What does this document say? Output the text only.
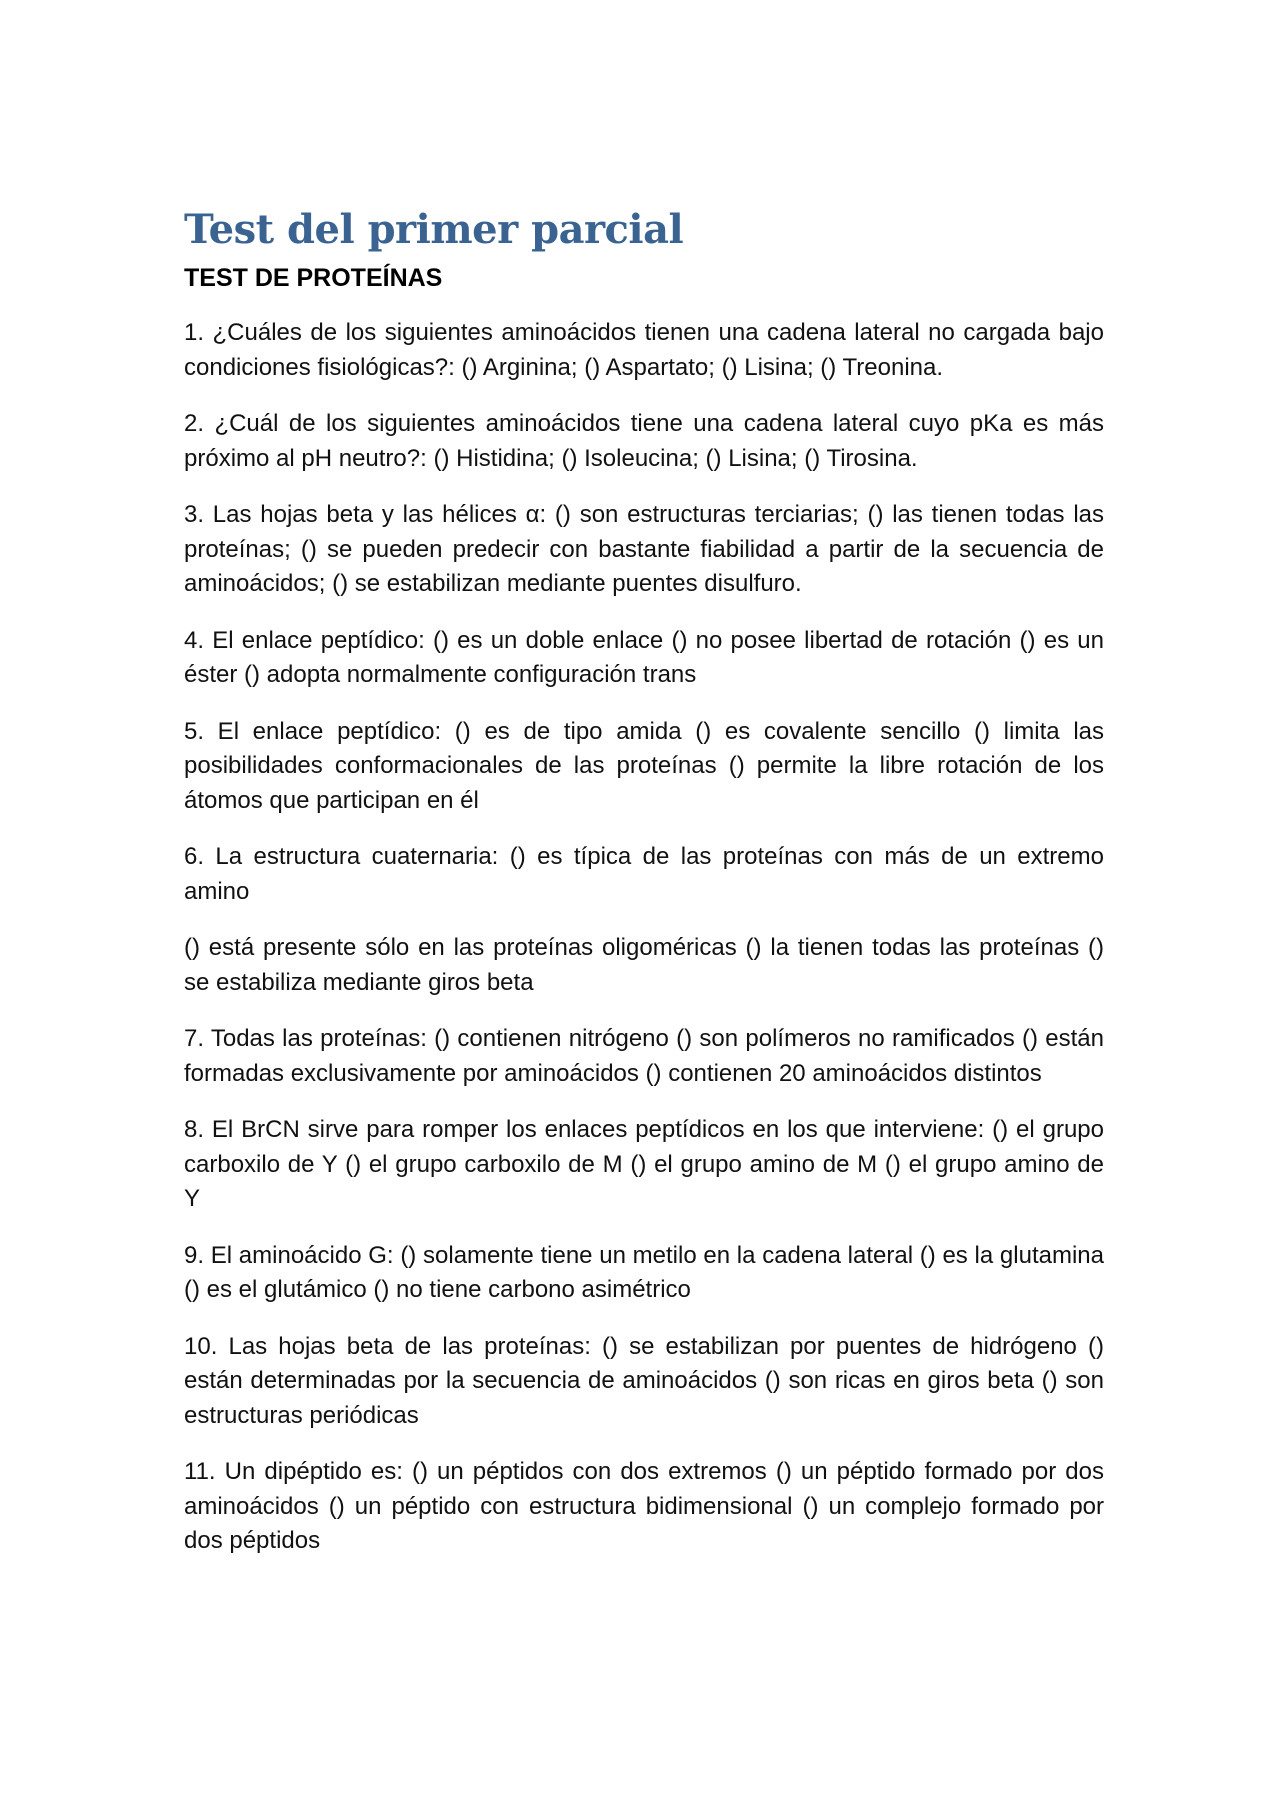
Test del primer parcial
TEST DE PROTEÍNAS

1. ¿Cuáles de los siguientes aminoácidos tienen una cadena lateral no cargada bajo condiciones fisiológicas?: () Arginina; () Aspartato; () Lisina; () Treonina.

2. ¿Cuál de los siguientes aminoácidos tiene una cadena lateral cuyo pKa es más próximo al pH neutro?: () Histidina; () Isoleucina; () Lisina; () Tirosina.

3. Las hojas beta y las hélices α: () son estructuras terciarias; () las tienen todas las proteínas; () se pueden predecir con bastante fiabilidad a partir de la secuencia de aminoácidos; () se estabilizan mediante puentes disulfuro.

4. El enlace peptídico: () es un doble enlace () no posee libertad de rotación () es un éster () adopta normalmente configuración trans

5. El enlace peptídico: () es de tipo amida () es covalente sencillo () limita las posibilidades conformacionales de las proteínas () permite la libre rotación de los átomos que participan en él

6. La estructura cuaternaria: () es típica de las proteínas con más de un extremo amino

() está presente sólo en las proteínas oligoméricas () la tienen todas las proteínas () se estabiliza mediante giros beta

7. Todas las proteínas: () contienen nitrógeno () son polímeros no ramificados () están formadas exclusivamente por aminoácidos () contienen 20 aminoácidos distintos

8. El BrCN sirve para romper los enlaces peptídicos en los que interviene: () el grupo carboxilo de Y () el grupo carboxilo de M () el grupo amino de M () el grupo amino de Y

9. El aminoácido G: () solamente tiene un metilo en la cadena lateral () es la glutamina () es el glutámico () no tiene carbono asimétrico

10. Las hojas beta de las proteínas: () se estabilizan por puentes de hidrógeno () están determinadas por la secuencia de aminoácidos () son ricas en giros beta () son estructuras periódicas

11. Un dipéptido es: () un péptidos con dos extremos () un péptido formado por dos aminoácidos () un péptido con estructura bidimensional () un complejo formado por dos péptidos
